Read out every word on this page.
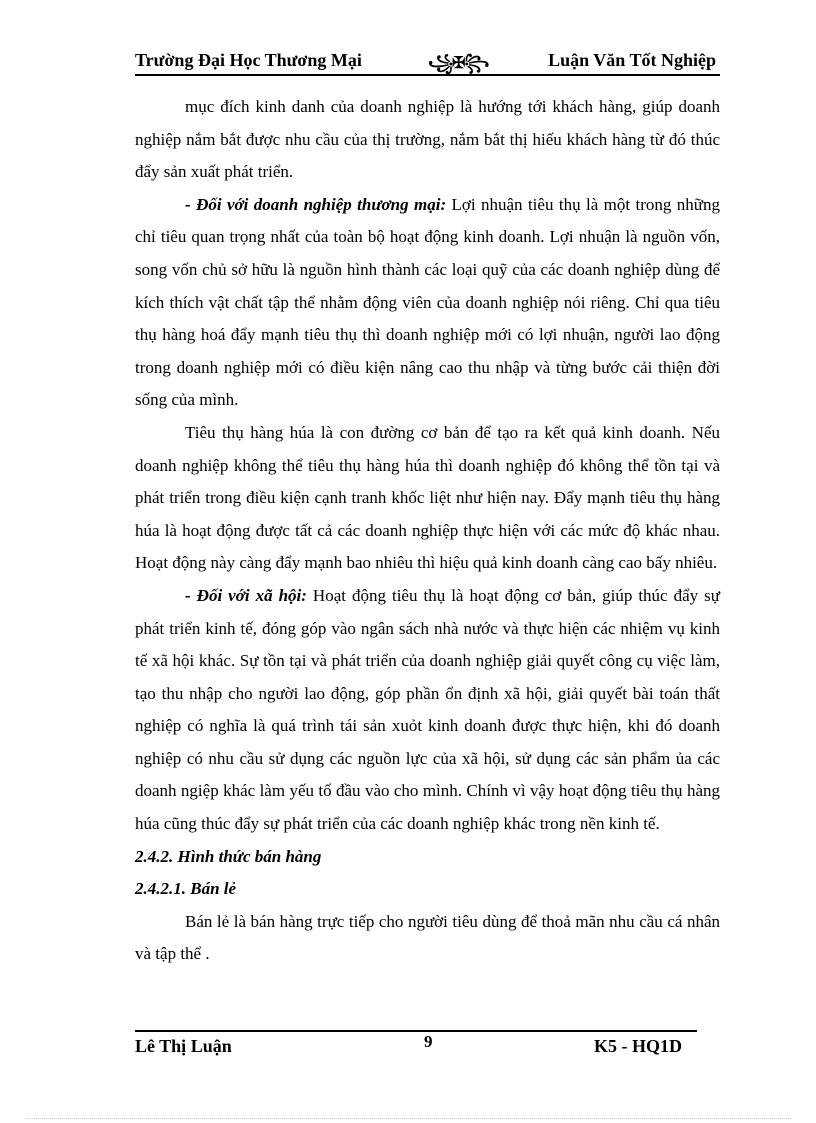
Trường Đại Học Thương Mại	꧁✠꧂	Luận Văn Tốt Nghiệp

mục đích kinh danh của doanh nghiệp là hướng tới khách hàng, giúp doanh nghiệp nắm bắt được nhu cầu của thị trường, nắm bắt thị hiếu khách hàng từ đó thúc đẩy sản xuất phát triển.

- Đối với doanh nghiệp thương mại: Lợi nhuận tiêu thụ là một trong những chỉ tiêu quan trọng nhất của toàn bộ hoạt động kinh doanh. Lợi nhuận là nguồn vốn, song vốn chủ sở hữu là nguồn hình thành các loại quỹ của các doanh nghiệp dùng để kích thích vật chất tập thể nhằm động viên của doanh nghiệp nói riêng. Chỉ qua tiêu thụ hàng hoá đẩy mạnh tiêu thụ thì doanh nghiệp mới có lợi nhuận, người lao động trong doanh nghiệp mới có điều kiện nâng cao thu nhập và từng bước cải thiện đời sống của mình.

Tiêu thụ hàng húa là con đường cơ bản để tạo ra kết quả kinh doanh. Nếu doanh nghiệp không thể tiêu thụ hàng húa thì doanh nghiệp đó không thể tồn tại và phát triển trong điều kiện cạnh tranh khốc liệt như hiện nay. Đẩy mạnh tiêu thụ hàng húa là hoạt động được tất cả các doanh nghiệp thực hiện với các mức độ khác nhau. Hoạt động này càng đẩy mạnh bao nhiêu thì hiệu quả kinh doanh càng cao bấy nhiêu.

- Đối với xã hội: Hoạt động tiêu thụ là hoạt động cơ bản, giúp thúc đẩy sự phát triển kinh tế, đóng góp vào ngân sách nhà nước và thực hiện các nhiệm vụ kinh tế xã hội khác. Sự tồn tại và phát triển của doanh nghiệp giải quyết công cụ việc làm, tạo thu nhập cho người lao động, góp phần ổn định xã hội, giải quyết bài toán thất nghiệp có nghĩa là quá trình tái sản xuỏt kinh doanh được thực hiện, khi đó doanh nghiệp có nhu cầu sử dụng các nguồn lực của xã hội, sử dụng các sản phẩm ủa các doanh ngiệp khác làm yếu tố đầu vào cho mình. Chính vì vậy hoạt động tiêu thụ hàng húa cũng thúc đẩy sự phát triển của các doanh nghiệp khác trong nền kinh tế.

2.4.2. Hình thức bán hàng

2.4.2.1. Bán lẻ

Bán lẻ là bán hàng trực tiếp cho người tiêu dùng để thoả mãn nhu cầu cá nhân và tập thể .

Lê Thị Luận	9	K5 - HQ1D
